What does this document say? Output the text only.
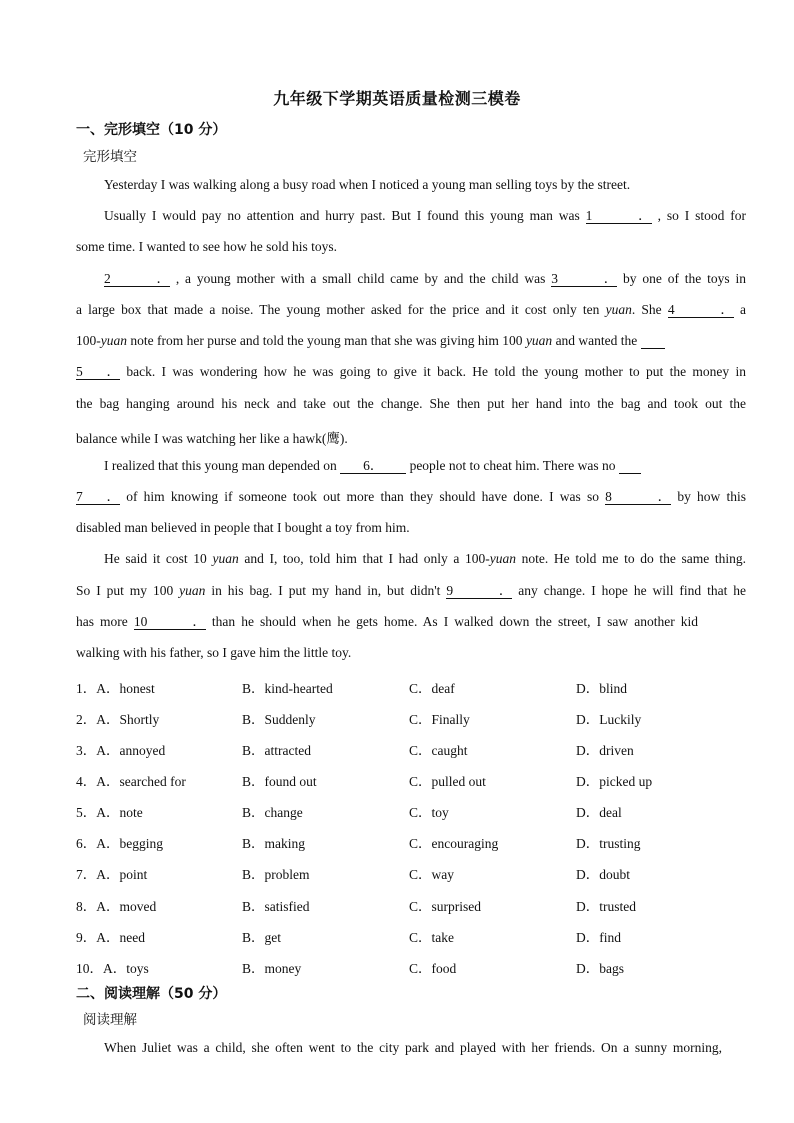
九年级下学期英语质量检测三模卷
一、完形填空（10 分）
完形填空
Yesterday I was walking along a busy road when I noticed a young man selling toys by the street.
Usually I would pay no attention and hurry past. But I found this young man was 1． , so I stood for
some time. I wanted to see how he sold his toys.
2． , a young mother with a small child came by and the child was 3． by one of the toys in
a large box that made a noise. The young mother asked for the price and it cost only ten yuan. She 4． a
100-yuan note from her purse and told the young man that she was giving him 100 yuan and wanted the
5． back. I was wondering how he was going to give it back. He told the young mother to put the money in
the bag hanging around his neck and take out the change. She then put her hand into the bag and took out the
balance while I was watching her like a hawk(鹰).
I realized that this young man depended on 6． people not to cheat him. There was no
7． of him knowing if someone took out more than they should have done. I was so 8． by how this
disabled man believed in people that I bought a toy from him.
He said it cost 10 yuan and I, too, told him that I had only a 100-yuan note. He told me to do the same thing.
So I put my 100 yuan in his bag. I put my hand in, but didn't 9． any change. I hope he will find that he
has more 10． than he should when he gets home. As I walked down the street, I saw another kid
walking with his father, so I gave him the little toy.
1．A．honest	B．kind-hearted	C．deaf	D．blind
2．A．Shortly	B．Suddenly	C．Finally	D．Luckily
3．A．annoyed	B．attracted	C．caught	D．driven
4．A．searched for	B．found out	C．pulled out	D．picked up
5．A．note	B．change	C．toy	D．deal
6．A．begging	B．making	C．encouraging	D．trusting
7．A．point	B．problem	C．way	D．doubt
8．A．moved	B．satisfied	C．surprised	D．trusted
9．A．need	B．get	C．take	D．find
10．A．toys	B．money	C．food	D．bags
二、阅读理解（50 分）
阅读理解
When Juliet was a child, she often went to the city park and played with her friends. On a sunny morning,
